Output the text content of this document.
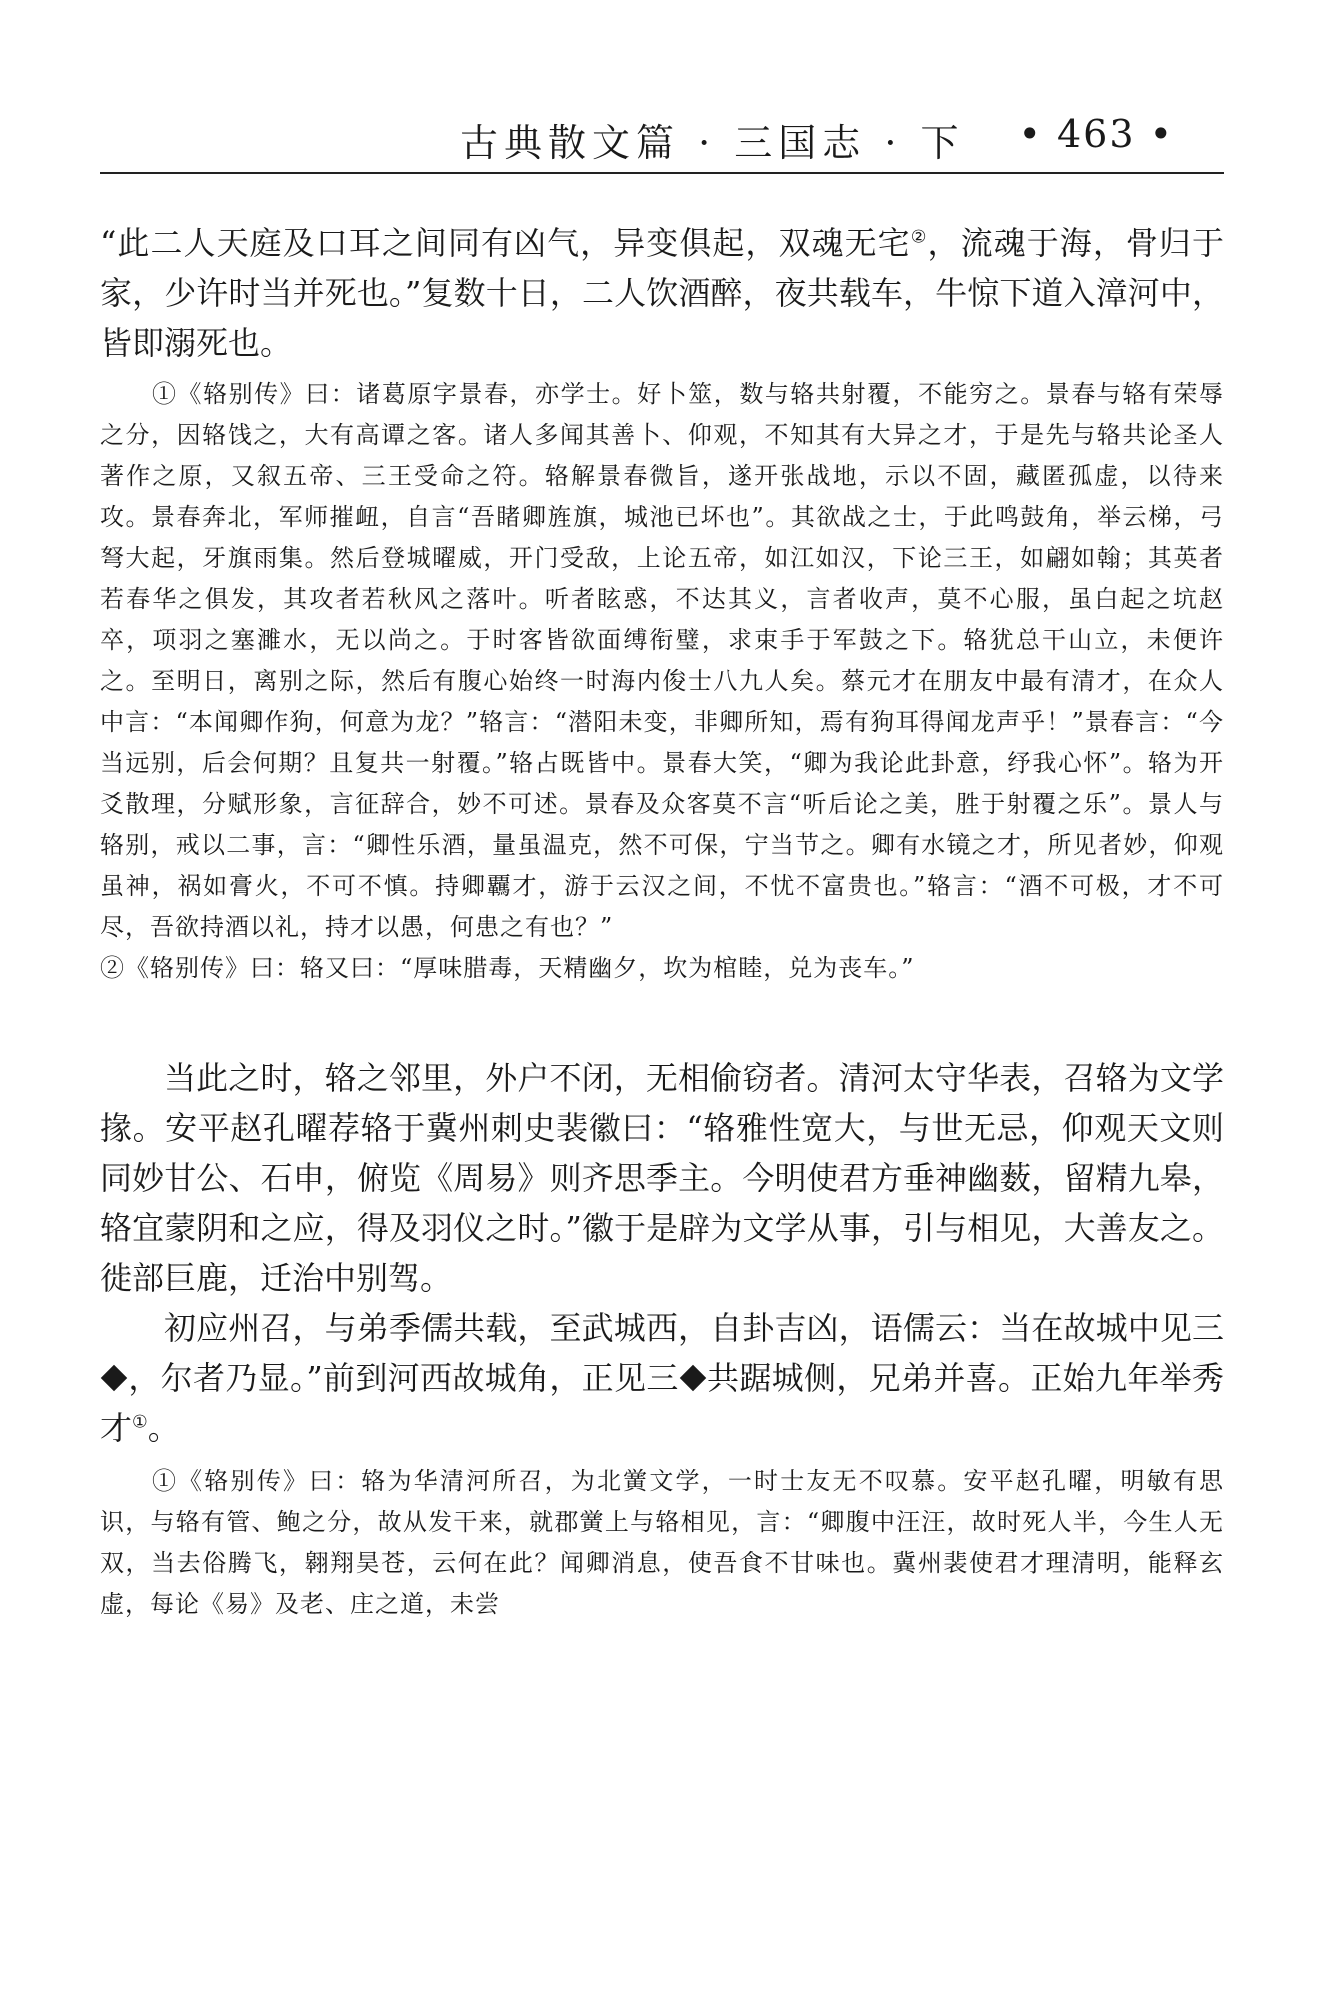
古典散文篇 · 三国志 · 下 • 463 •

“此二人天庭及口耳之间同有凶气，异变俱起，双魂无宅②，流魂于海，骨归于家，少许时当并死也。”复数十日，二人饮酒醉，夜共载车，牛惊下道入漳河中，皆即溺死也。

①《辂别传》曰：诸葛原字景春，亦学士。好卜筮，数与辂共射覆，不能穷之。景春与辂有荣辱之分，因辂饯之，大有高谭之客。诸人多闻其善卜、仰观，不知其有大异之才，于是先与辂共论圣人著作之原，又叙五帝、三王受命之符。辂解景春微旨，遂开张战地，示以不固，藏匿孤虚，以待来攻。景春奔北，军师摧衄，自言“吾睹卿旌旗，城池已坏也”。其欲战之士，于此鸣鼓角，举云梯，弓弩大起，牙旗雨集。然后登城曜威，开门受敌，上论五帝，如江如汉，下论三王，如翩如翰；其英者若春华之俱发，其攻者若秋风之落叶。听者眩惑，不达其义，言者收声，莫不心服，虽白起之坑赵卒，项羽之塞濉水，无以尚之。于时客皆欲面缚衔璧，求束手于军鼓之下。辂犹总干山立，未便许之。至明日，离别之际，然后有腹心始终一时海内俊士八九人矣。蔡元才在朋友中最有清才，在众人中言：“本闻卿作狗，何意为龙？”辂言：“潜阳未变，非卿所知，焉有狗耳得闻龙声乎！”景春言：“今当远别，后会何期？且复共一射覆。”辂占既皆中。景春大笑，“卿为我论此卦意，纾我心怀”。辂为开爻散理，分赋形象，言征辞合，妙不可述。景春及众客莫不言“听后论之美，胜于射覆之乐”。景人与辂别，戒以二事，言：“卿性乐酒，量虽温克，然不可保，宁当节之。卿有水镜之才，所见者妙，仰观虽神，祸如膏火，不可不慎。持卿覊才，游于云汉之间，不忧不富贵也。”辂言：“酒不可极，才不可尽，吾欲持酒以礼，持才以愚，何患之有也？”

②《辂别传》曰：辂又曰：“厚味腊毒，天精幽夕，坎为棺睦，兑为丧车。”

当此之时，辂之邻里，外户不闭，无相偷窃者。清河太守华表，召辂为文学掾。安平赵孔曜荐辂于冀州刺史裴徽曰：“辂雅性宽大，与世无忌，仰观天文则同妙甘公、石申，俯览《周易》则齐思季主。今明使君方垂神幽薮，留精九皋，辂宜蒙阴和之应，得及羽仪之时。”徽于是辟为文学从事，引与相见，大善友之。徙部巨鹿，迁治中别驾。

初应州召，与弟季儒共载，至武城西，自卦吉凶，语儒云：当在故城中见三?，尔者乃显。”前到河西故城角，正见三? 共踞城侧，兄弟并喜。正始九年举秀才①。

①《辂别传》曰：辂为华清河所召，为北黉文学，一时士友无不叹慕。安平赵孔曜，明敏有思识，与辂有管、鲍之分，故从发干来，就郡黉上与辂相见，言：“卿腹中汪汪，故时死人半，今生人无双，当去俗腾飞，翱翔昊苍，云何在此？闻卿消息，使吾食不甘味也。冀州裴使君才理清明，能释玄虚，每论《易》及老、庄之道，未尝
